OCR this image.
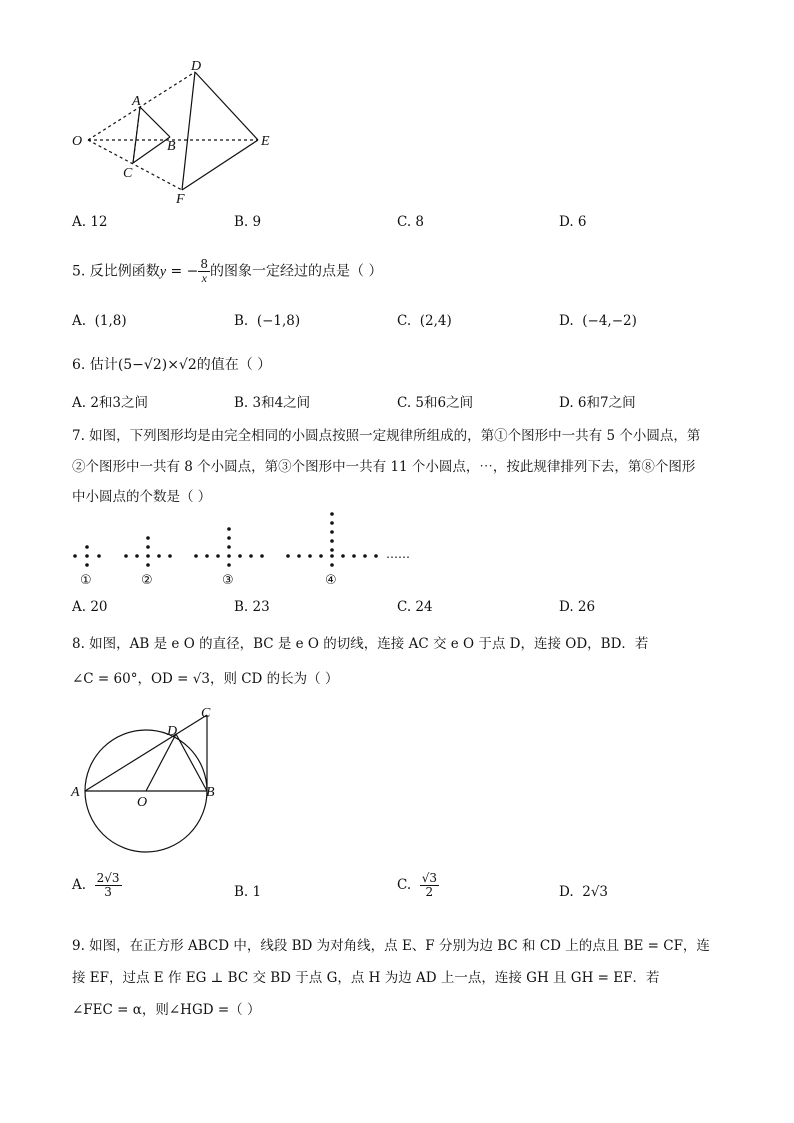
D
A
O	B	E
C
F
A. 12	B. 9	C. 8	D. 6
5. 反比例函数y = − $\frac{8}{x}$ 的图象一定经过的点是（ ）
A. (1,8)	B. (−1,8)	C. (2,4)	D. (−4,−2)
6. 估计(5−√2)×√2的值在（ ）
A. 2和3之间	B. 3和4之间	C. 5和6之间	D. 6和7之间
7. 如图，下列图形均是由完全相同的小圆点按照一定规律所组成的，第①个图形中一共有 5 个小圆点，第
②个图形中一共有 8 个小圆点，第③个图形中一共有 11 个小圆点，⋯，按此规律排列下去，第⑧个图形
中小圆点的个数是（ ）
①	②	③	④
……
A. 20	B. 23	C. 24	D. 26
8. 如图，AB 是 e O 的直径，BC 是 e O 的切线，连接 AC 交 e O 于点 D，连接 OD，BD．若
∠C = 60°，OD = √3，则 CD 的长为（ ）
C
D
A
O
B
A. $\frac{2√3}{3}$	B. 1	C. $\frac{√3}{2}$	D. 2√3
9. 如图，在正方形 ABCD 中，线段 BD 为对角线，点 E、F 分别为边 BC 和 CD 上的点且 BE = CF，连
接 EF，过点 E 作 EG ⊥ BC 交 BD 于点 G，点 H 为边 AD 上一点，连接 GH 且 GH = EF．若
∠FEC = α，则∠HGD =（ ）
